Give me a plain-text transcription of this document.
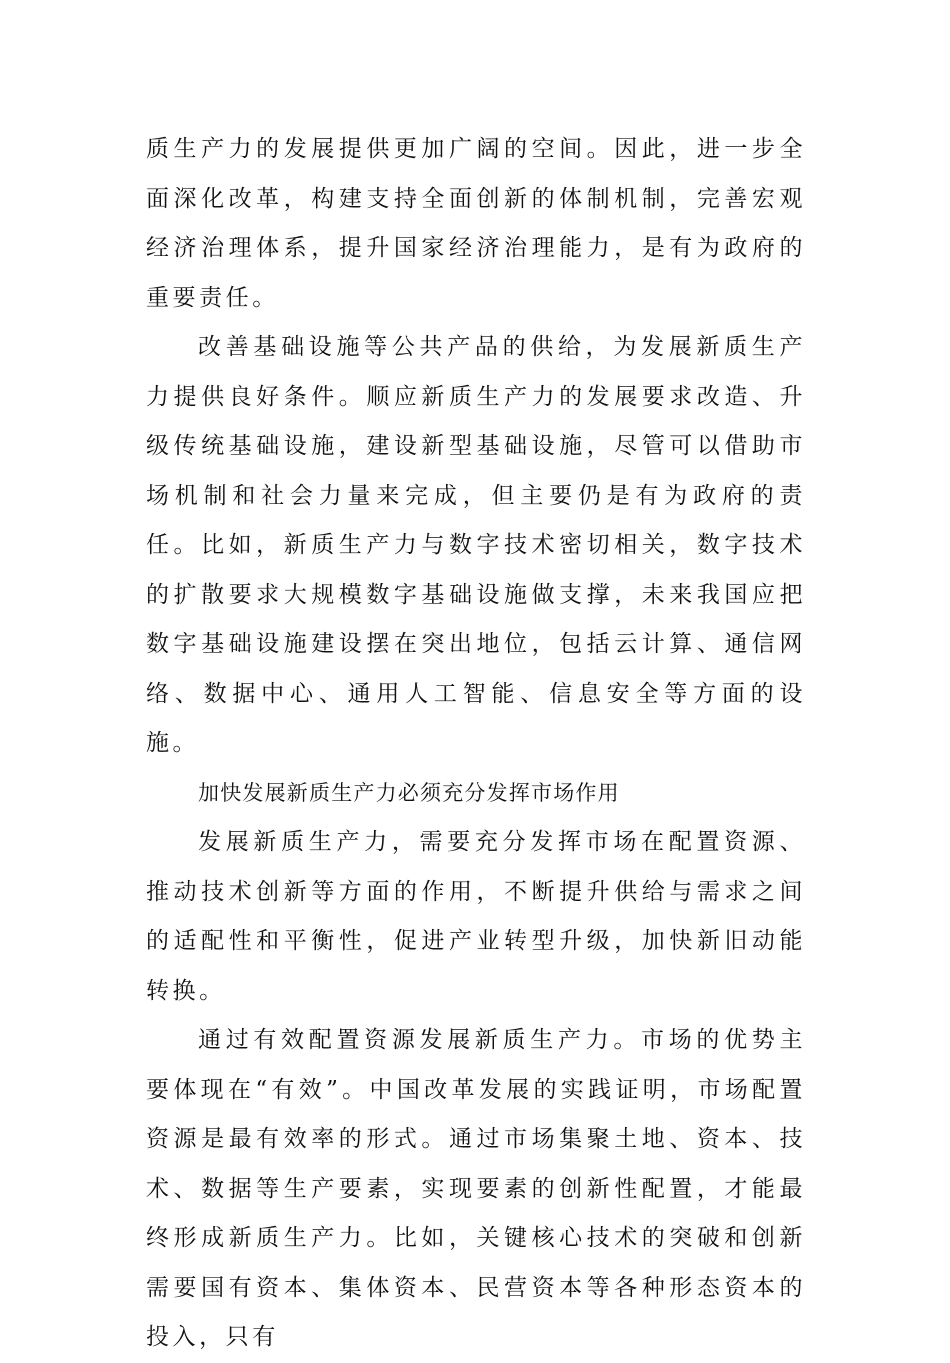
质生产力的发展提供更加广阔的空间。因此，进一步全面深化改革，构建支持全面创新的体制机制，完善宏观经济治理体系，提升国家经济治理能力，是有为政府的重要责任。

改善基础设施等公共产品的供给，为发展新质生产力提供良好条件。顺应新质生产力的发展要求改造、升级传统基础设施，建设新型基础设施，尽管可以借助市场机制和社会力量来完成，但主要仍是有为政府的责任。比如，新质生产力与数字技术密切相关，数字技术的扩散要求大规模数字基础设施做支撑，未来我国应把数字基础设施建设摆在突出地位，包括云计算、通信网络、数据中心、通用人工智能、信息安全等方面的设施。

加快发展新质生产力必须充分发挥市场作用

发展新质生产力，需要充分发挥市场在配置资源、推动技术创新等方面的作用，不断提升供给与需求之间的适配性和平衡性，促进产业转型升级，加快新旧动能转换。

通过有效配置资源发展新质生产力。市场的优势主要体现在“有效”。中国改革发展的实践证明，市场配置资源是最有效率的形式。通过市场集聚土地、资本、技术、数据等生产要素，实现要素的创新性配置，才能最终形成新质生产力。比如，关键核心技术的突破和创新需要国有资本、集体资本、民营资本等各种形态资本的投入，只有
